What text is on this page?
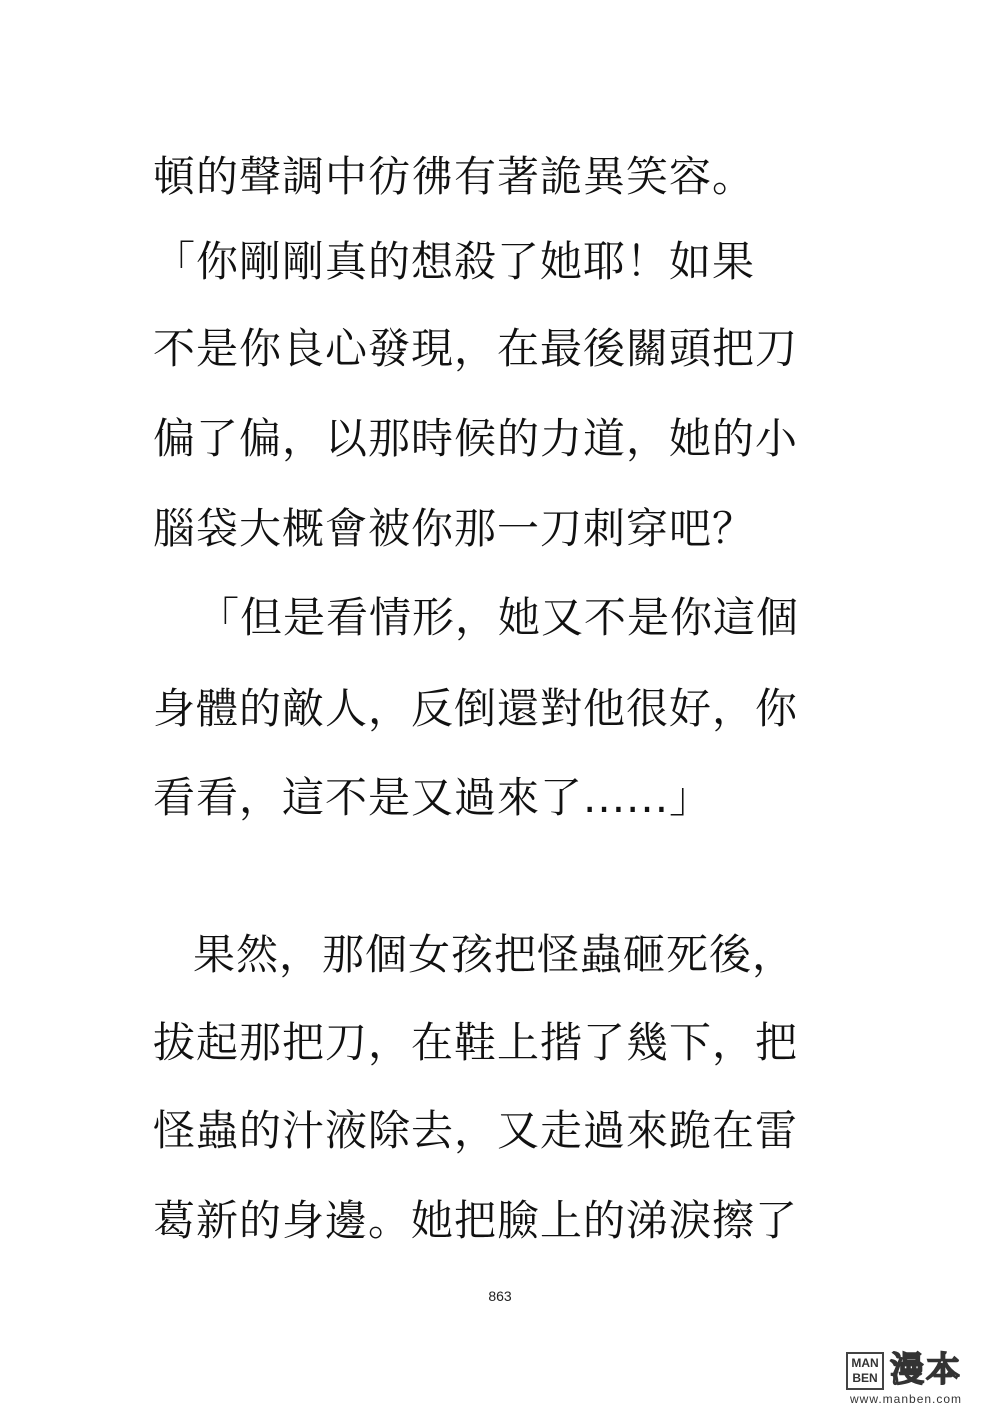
頓的聲調中彷彿有著詭異笑容。
「你剛剛真的想殺了她耶！如果
不是你良心發現，在最後關頭把刀
偏了偏，以那時候的力道，她的小
腦袋大概會被你那一刀刺穿吧？
「但是看情形，她又不是你這個
身體的敵人，反倒還對他很好，你
看看，這不是又過來了......」
果然，那個女孩把怪蟲砸死後，
拔起那把刀，在鞋上揩了幾下，把
怪蟲的汁液除去，又走過來跪在雷
葛新的身邊。她把臉上的涕淚擦了
863
MAN BEN 漫本
www.manben.com
